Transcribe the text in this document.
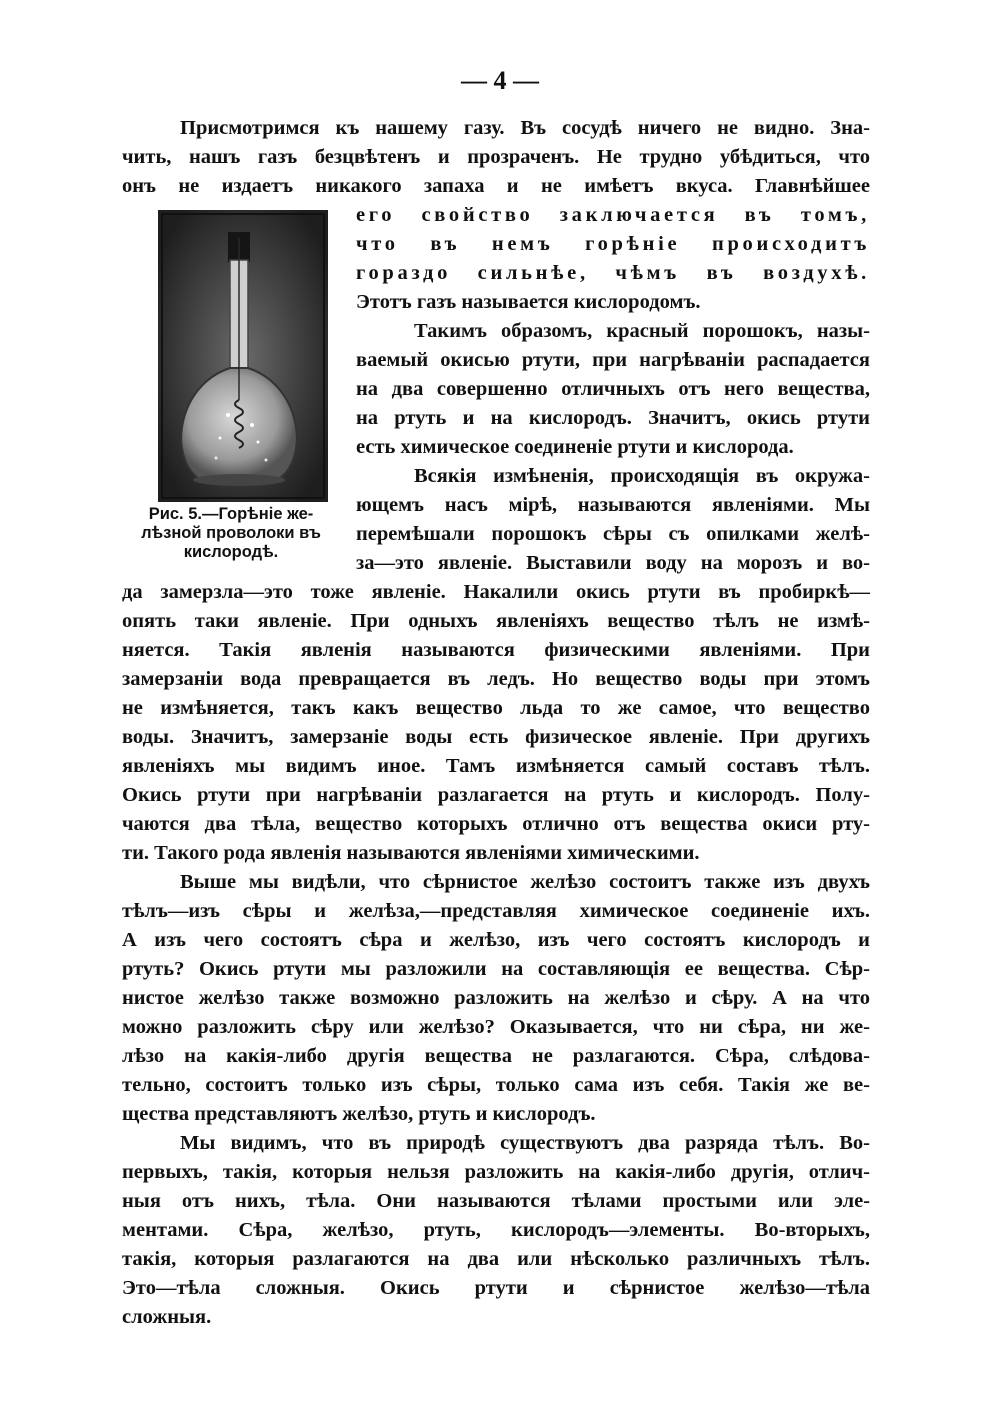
— 4 —
Рис. 5.—Горѣніе же-
лѣзной проволоки въ
кислородѣ.
Присмотримся къ нашему газу. Въ сосудѣ ничего не видно. Зна-
чить, нашъ газъ безцвѣтенъ и прозраченъ. Не трудно убѣдиться, что
онъ не издаетъ никакого запаха и не имѣетъ вкуса. Главнѣйшее
его свойство заключается въ томъ,
что въ немъ горѣніе происходитъ
гораздо сильнѣе, чѣмъ въ воздухѣ.
Этотъ газъ называется кислородомъ.
Такимъ образомъ, красный порошокъ, назы-
ваемый окисью ртути, при нагрѣваніи распадается
на два совершенно отличныхъ отъ него вещества,
на ртуть и на кислородъ. Значитъ, окись ртути
есть химическое соединеніе ртути и кислорода.
Всякія измѣненія, происходящія въ окружа-
ющемъ насъ мірѣ, называются явленіями. Мы
перемѣшали порошокъ сѣры съ опилками желѣ-
за—это явленіе. Выставили воду на морозъ и во-
да замерзла—это тоже явленіе. Накалили окись ртути въ пробиркѣ—
опять таки явленіе. При одныхъ явленіяхъ вещество тѣлъ не измѣ-
няется. Такія явленія называются физическими явленіями. При
замерзаніи вода превращается въ ледъ. Но вещество воды при этомъ
не измѣняется, такъ какъ вещество льда то же самое, что вещество
воды. Значитъ, замерзаніе воды есть физическое явленіе. При другихъ
явленіяхъ мы видимъ иное. Тамъ измѣняется самый составъ тѣлъ.
Окись ртути при нагрѣваніи разлагается на ртуть и кислородъ. Полу-
чаются два тѣла, вещество которыхъ отлично отъ вещества окиси рту-
ти. Такого рода явленія называются явленіями химическими.
Выше мы видѣли, что сѣрнистое желѣзо состоитъ также изъ двухъ
тѣлъ—изъ сѣры и желѣза,—представляя химическое соединеніе ихъ.
А изъ чего состоятъ сѣра и желѣзо, изъ чего состоятъ кислородъ и
ртуть? Окись ртути мы разложили на составляющія ее вещества. Сѣр-
нистое желѣзо также возможно разложить на желѣзо и сѣру. А на что
можно разложить сѣру или желѣзо? Оказывается, что ни сѣра, ни же-
лѣзо на какія-либо другія вещества не разлагаются. Сѣра, слѣдова-
тельно, состоитъ только изъ сѣры, только сама изъ себя. Такія же ве-
щества представляютъ желѣзо, ртуть и кислородъ.
Мы видимъ, что въ природѣ существуютъ два разряда тѣлъ. Во-
первыхъ, такія, которыя нельзя разложить на какія-либо другія, отлич-
ныя отъ нихъ, тѣла. Они называются тѣлами простыми или эле-
ментами. Сѣра, желѣзо, ртуть, кислородъ—элементы. Во-вторыхъ,
такія, которыя разлагаются на два или нѣсколько различныхъ тѣлъ.
Это—тѣла сложныя. Окись ртути и сѣрнистое желѣзо—тѣла
сложныя.
